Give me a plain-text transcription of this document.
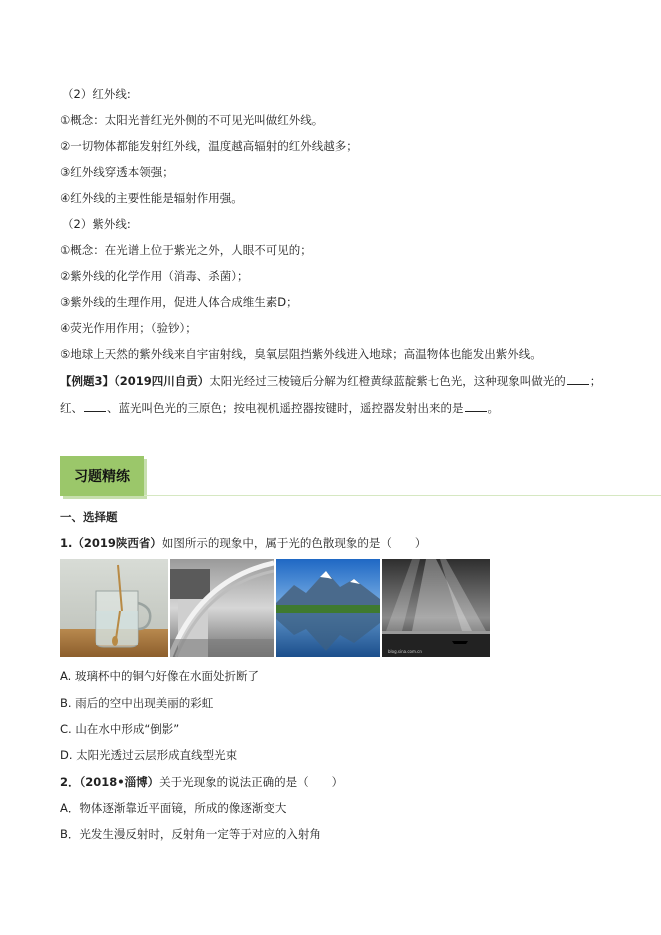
（2）红外线:
①概念：太阳光普红光外侧的不可见光叫做红外线。
②一切物体都能发射红外线，温度越高辐射的红外线越多；
③红外线穿透本领强；
④红外线的主要性能是辐射作用强。
（2）紫外线:
①概念：在光谱上位于紫光之外，人眼不可见的；
②紫外线的化学作用（消毒、杀菌）；
③紫外线的生理作用，促进人体合成维生素D；
④荧光作用作用；（验钞）；
⑤地球上天然的紫外线来自宇宙射线，臭氧层阻挡紫外线进入地球；高温物体也能发出紫外线。
【例题3】（2019四川自贡）太阳光经过三棱镜后分解为红橙黄绿蓝靛紫七色光，这种现象叫做光的 ；
红、 、蓝光叫色光的三原色；按电视机遥控器按键时，遥控器发射出来的是 。
习题精练
一、选择题
1.（2019陕西省）如图所示的现象中，属于光的色散现象的是（　　）
blog.sina.com.cn
A. 玻璃杯中的铜勺好像在水面处折断了
B. 雨后的空中出现美丽的彩虹
C. 山在水中形成“倒影”
D. 太阳光透过云层形成直线型光束
2．（2018•淄博）关于光现象的说法正确的是（　　）
A．物体逐渐靠近平面镜，所成的像逐渐变大
B．光发生漫反射时，反射角一定等于对应的入射角
